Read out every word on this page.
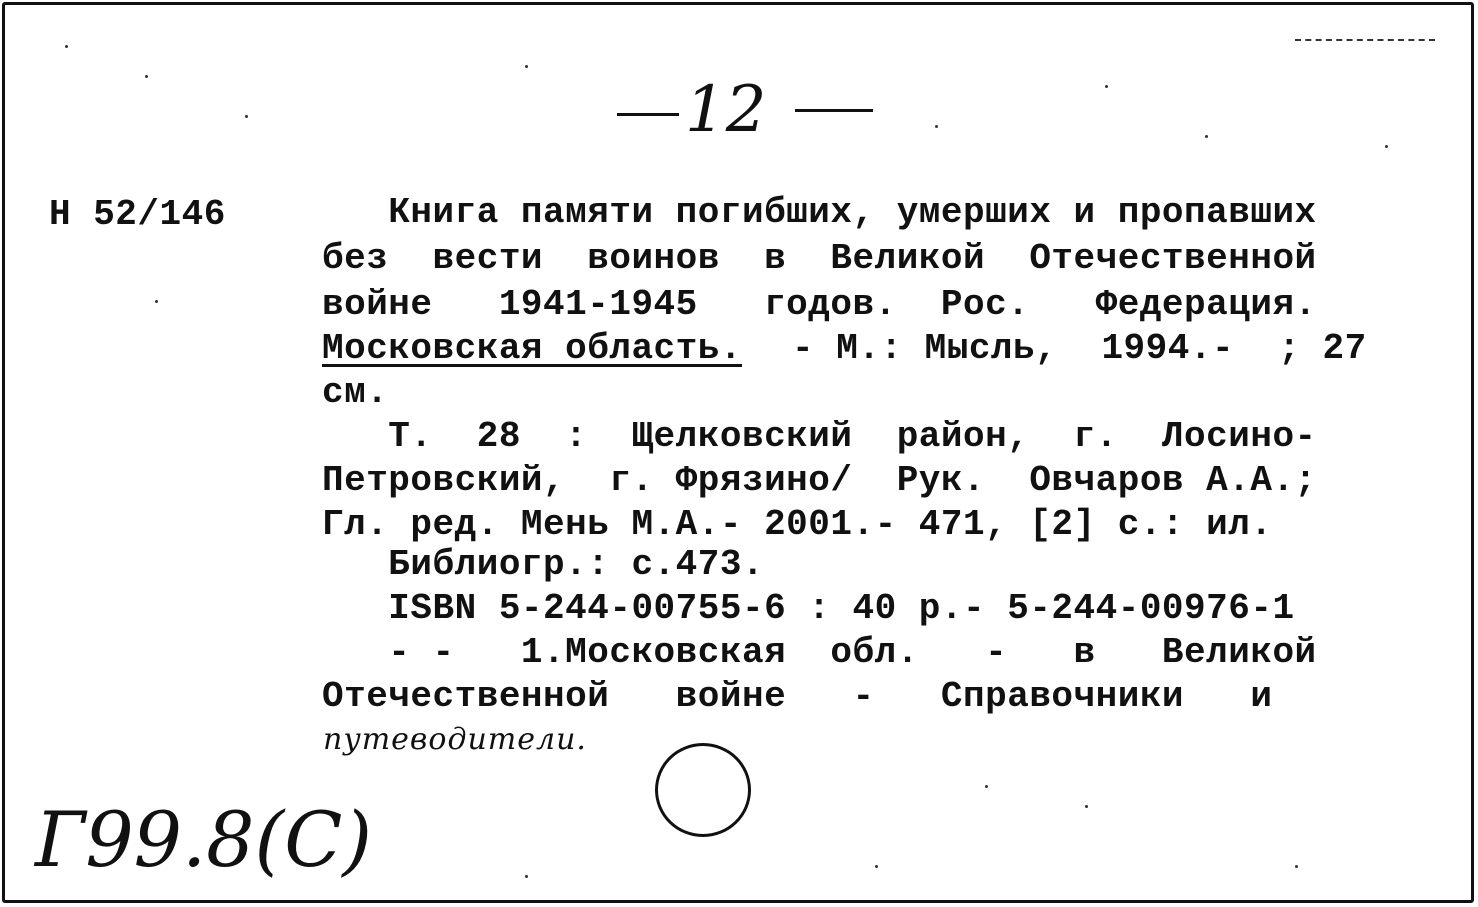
12
Н 52/146	Книга памяти погибших, умерших и пропавших
без  вести  воинов  в  Великой  Отечественной
войне   1941-1945   годов.  Рос.   Федерация.
Московская область. - М.: Мысль,  1994.-  ; 27
см.
Т.  28  :  Щелковский  район,  г.  Лосино-
Петровский,  г. Фрязино/  Рук.  Овчаров А.А.;
Гл. ред. Мень М.А.- 2001.- 471, [2] с.: ил.
Библиогр.: с.473.
ISBN 5-244-00755-6 : 40 р.- 5-244-00976-1
- -   1.Московская  обл.   -   в   Великой
Отечественной   войне   -   Справочники   и
путеводители.
Г99.8(С)
